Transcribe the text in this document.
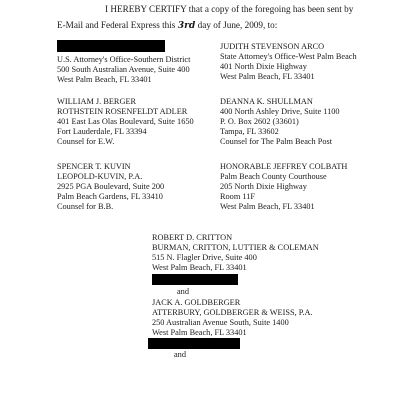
I HEREBY CERTIFY that a copy of the foregoing has been sent by
E-Mail and Federal Express this 3rd day of June, 2009, to:
U.S. Attorney's Office-Southern District
500 South Australian Avenue, Suite 400
West Palm Beach, FL 33401
WILLIAM J. BERGER
ROTHSTEIN ROSENFELDT ADLER
401 East Las Olas Boulevard, Suite 1650
Fort Lauderdale, FL 33394
Counsel for E.W.
SPENCER T. KUVIN
LEOPOLD-KUVIN, P.A.
2925 PGA Boulevard, Suite 200
Palm Beach Gardens, FL 33410
Counsel for B.B.
JUDITH STEVENSON ARCO
State Attorney's Office-West Palm Beach
401 North Dixie Highway
West Palm Beach, FL 33401
DEANNA K. SHULLMAN
400 North Ashley Drive, Suite 1100
P. O. Box 2602 (33601)
Tampa, FL 33602
Counsel for The Palm Beach Post
HONORABLE JEFFREY COLBATH
Palm Beach County Courthouse
205 North Dixie Highway
Room 11F
West Palm Beach, FL 33401
ROBERT D. CRITTON
BURMAN, CRITTON, LUTTIER & COLEMAN
515 N. Flagler Drive, Suite 400
West Palm Beach, FL 33401
and
JACK A. GOLDBERGER
ATTERBURY, GOLDBERGER & WEISS, P.A.
250 Australian Avenue South, Suite 1400
West Palm Beach, FL 33401
and
